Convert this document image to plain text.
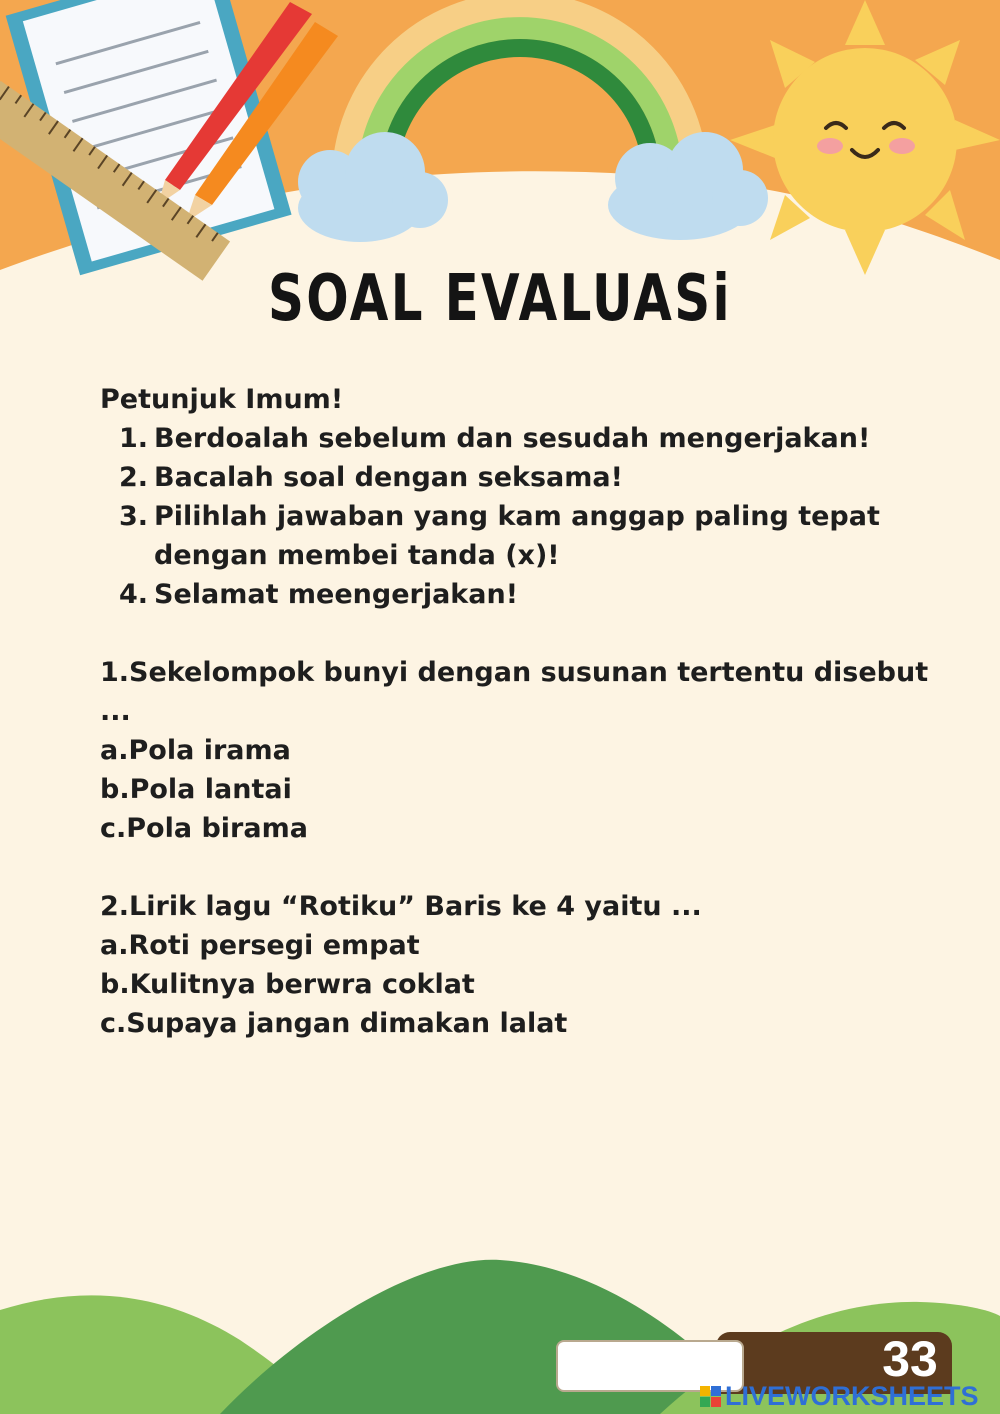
SOAL EVALUASi
Petunjuk Imum!
1. Berdoalah sebelum dan sesudah mengerjakan!
2. Bacalah soal dengan seksama!
3. Pilihlah jawaban yang kam anggap paling tepat dengan membei tanda (x)!
4. Selamat meengerjakan!
1.Sekelompok bunyi dengan susunan tertentu disebut
...
a.Pola irama
b.Pola lantai
c.Pola birama
2.Lirik lagu “Rotiku” Baris ke 4 yaitu ...
a.Roti persegi empat
b.Kulitnya berwra coklat
c.Supaya jangan dimakan lalat
33
LIVEWORKSHEETS
